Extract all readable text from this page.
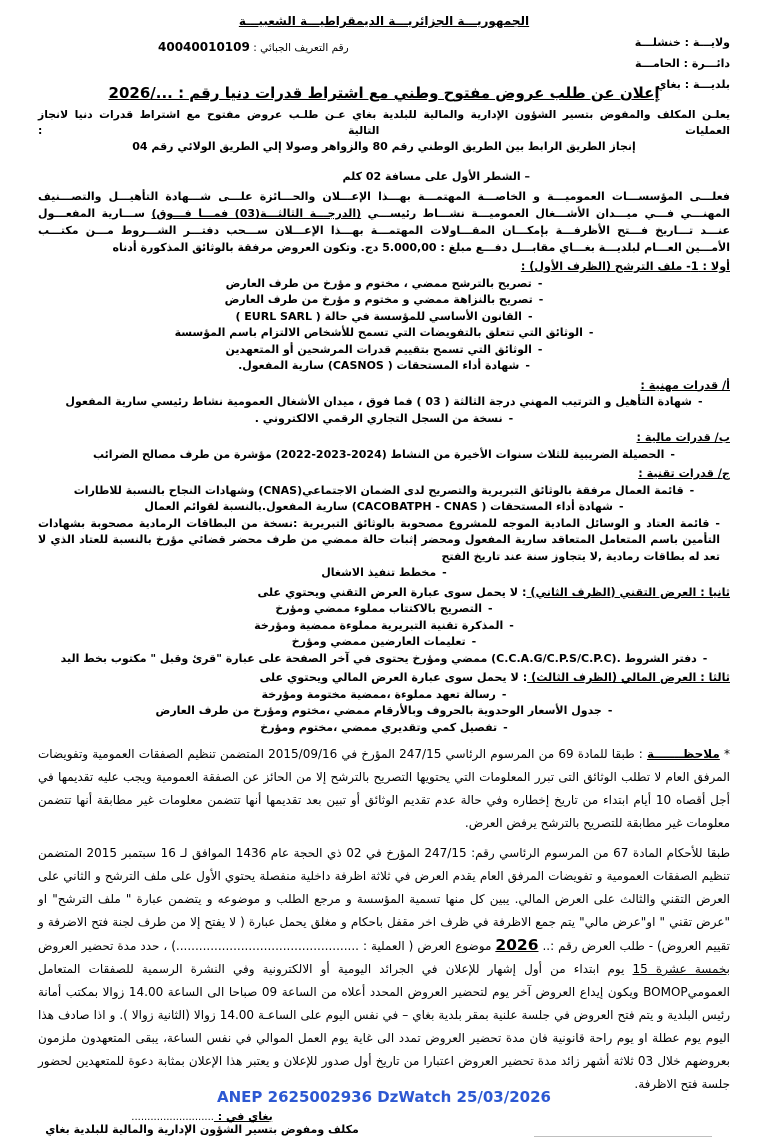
الجمهوريـــة الجزائريـــة الديمقراطيـــة الشعبيـــة
ولايـــة : خنشلـــة
دائـــرة : الحامـــة
بلديـــة : بغاي
رقم التعريف الجبائي : 40040010109
إعلان عن طلب عروض مفتوح وطني مع اشتراط قدرات دنيا رقم : .../2026
يعلـن المكلف والمفوض بتسير الشؤون الإدارية والمالية للبلدية بغاي عـن طلـب عروض مفتوح مع اشتراط قدرات دنيا لانجاز العمليات التالية :
إنجاز الطريق الرابط بين الطريق الوطني رقم 80 والزواهر وصولا إلي الطريق الولائي رقم 04
– الشطر الأول على مسافة 02 كلم
فعلـــى المؤسســـات العموميـــة و الخاصـــة المهتمـــة بهـــذا الإعـــلان والحـــائزة علـــى شـــهادة التأهيـــل والتصـــنيف المهنـــي فـــي ميـــدان الأشـــغال العموميـــة نشـــاط رئيســـي (الدرجـــة الثالثـــة(03) فمـــا فـــوق) ســـارية المفعـــول عنـــد تـــاريخ فـــتح الأظرفـــة بإمكـــان المقـــاولات المهتمـــة بهـــذا الإعـــلان ســـحب دفتـــر الشـــروط مـــن مكتـــب الأمـــين العـــام لبلديـــة بغـــاي مقابـــل دفـــع مبلغ : 5.000,00 دج. وتكون العروض مرفقة بالوثائق المذكورة أدناه
أولا : 1- ملف الترشح (الظرف الأول) :
-تصريح بالترشح ممضي ، مختوم و مؤرخ من طرف العارض
-تصريح بالنزاهة ممضي و مختوم و مؤرخ من طرف العارض
-القانون الأساسي للمؤسسة في حالة ( EURL SARL )
-الوثائق التي تتعلق بالتفويضات التي تسمح للأشخاص الالتزام باسم المؤسسة
-الوثائق التي تسمح بتقييم قدرات المرشحين أو المتعهدين
-شهادة أداء المستحقات ( CASNOS) سارية المفعول.
أ/ قدرات مهنية :
-شهادة التأهيل و الترتيب المهني درجة الثالثة ( 03 ) فما فوق ، ميدان الأشغال العمومية نشاط رئيسي سارية المفعول
-نسخة من السجل التجاري الرقمي الالكتروني .
ب/ قدرات مالية :
-الحصيلة الضريبية للثلاث سنوات الأخيرة من النشاط (2024-2023-2022) مؤشرة من طرف مصالح الضرائب
ج/ قدرات تقنية :
-قائمة العمال مرفقة بالوثائق التبريرية والتصريح لدى الضمان الاجتماعي(CNAS) وشهادات النجاح بالنسبة للاطارات
-شهادة أداء المستحقات ( CACOBATPH - CNAS) سارية المفعول.بالنسبة لقوائم العمال
-قائمة العتاد و الوسائل المادية الموجه للمشروع مصحوبة بالوثائق التبريرية :نسخة من البطاقات الرمادية مصحوبة بشهادات التأمين باسم المتعامل المتعاقد سارية المفعول ومحضر إثبات حالة ممضي من طرف محضر قضائي مؤرخ بالنسبة للعتاد الذي لا تعد له بطاقات رمادية ,لا يتجاوز سنة عند تاريخ الفتح
-مخطط تنفيذ الاشغال
ثانيا : العرض التقني (الظرف الثاني) : لا يحمل سوى عبارة العرض التقني ويحتوي على
-التصريح بالاكتتاب مملوء ممضي ومؤرخ
-المذكرة تقنية التبريرية مملوءة ممضية ومؤرخة
-تعليمات العارضين ممضي ومؤرخ
-دفتر الشروط .(C.C.A.G/C.P.S/C.P.C) ممضي ومؤرخ يحتوى في آخر الصفحة على عبارة "قرئ وقبل " مكتوب بخط اليد
ثالثا : العرض المالي (الظرف الثالث) : لا يحمل سوى عبارة العرض المالي ويحتوي على
-رسالة تعهد مملوءة ،ممضية مختومة ومؤرخة
-جدول الأسعار الوحدوية بالحروف وبالأرقام ممضي ،مختوم ومؤرخ من طرف العارض
-تفصيل كمي وتقديري ممضي ،مختوم ومؤرخ
* ملاحظـــــــة : طبقا للمادة 69 من المرسوم الرئاسي 247/15 المؤرخ في 2015/09/16 المتضمن تنظيم الصفقات العمومية وتفويضات المرفق العام لا تطلب الوثائق التى تبرر المعلومات التي يحتويها التصريح بالترشح إلا من الحائز عن الصفقة العمومية ويجب عليه تقديمها في أجل أقصاه 10 أيام ابتداء من تاريخ إخطاره وفي حالة عدم تقديم الوثائق أو تبين بعد تقديمها أنها تتضمن معلومات غير مطابقة أنها تتضمن معلومات غير مطابقة للتصريح بالترشح يرفض العرض.
طبقا للأحكام المادة 67 من المرسوم الرئاسي رقم: 247/15 المؤرخ في 02 ذي الحجة عام 1436 الموافق لـ 16 سبتمبر 2015 المتضمن تنظيم الصفقات العمومية و تفويضات المرفق العام يقدم العرض في ثلاثة اظرفة داخلية منفصلة يحتوي الأول على ملف الترشح و الثاني على العرض التقني والثالث على العرض المالي. يبين كل منها تسمية المؤسسة و مرجع الطلب و موضوعه و يتضمن عبارة " ملف الترشح" او "عرض تقني " او"عرض مالي" يتم جمع الاظرفة في ظرف اخر مقفل باحكام و مغلق يحمل عبارة ( لا يفتح إلا من طرف لجنة فتح الاضرفة و تقييم العروض) - طلب العرض رقم :.. 2026 موضوع العرض ( العملية : ................................................) ، حدد مدة تحضير العروض بخمسة عشرة 15 يوم ابتداء من أول إشهار للإعلان في الجرائد اليومية أو الالكترونية وفي النشرة الرسمية للصفقات المتعامل العموميBOMOP ويكون إيداع العروض آخر يوم لتحضير العروض المحدد أعلاه من الساعة 09 صباحا الى الساعة 14.00 زوالا بمكتب أمانة رئيس البلدية و يتم فتح العروض في جلسة علنية بمقر بلدية بغاي – في نفس اليوم على الساعـة 14.00 زوالا (الثانية زوالا ). و اذا صادف هذا اليوم يوم عطلة او يوم راحة قانونية فان مدة تحضير العروض تمدد الى غاية يوم العمل الموالي في نفس الساعة، يبقى المتعهدون ملزمون بعروضهم خلال 03 ثلاثة أشهر زائد مدة تحضير العروض اعتبارا من تاريخ أول صدور للإعلان و يعتبر هذا الإعلان بمثابة دعوة للمتعهدين لحضور جلسة فتح الاظرفة.
بغاي في : ..........................
مكلف ومفوض بتسير الشؤون الإدارية والمالية للبلدية بغاي
ANEP 2625002936 DzWatch 25/03/2026
